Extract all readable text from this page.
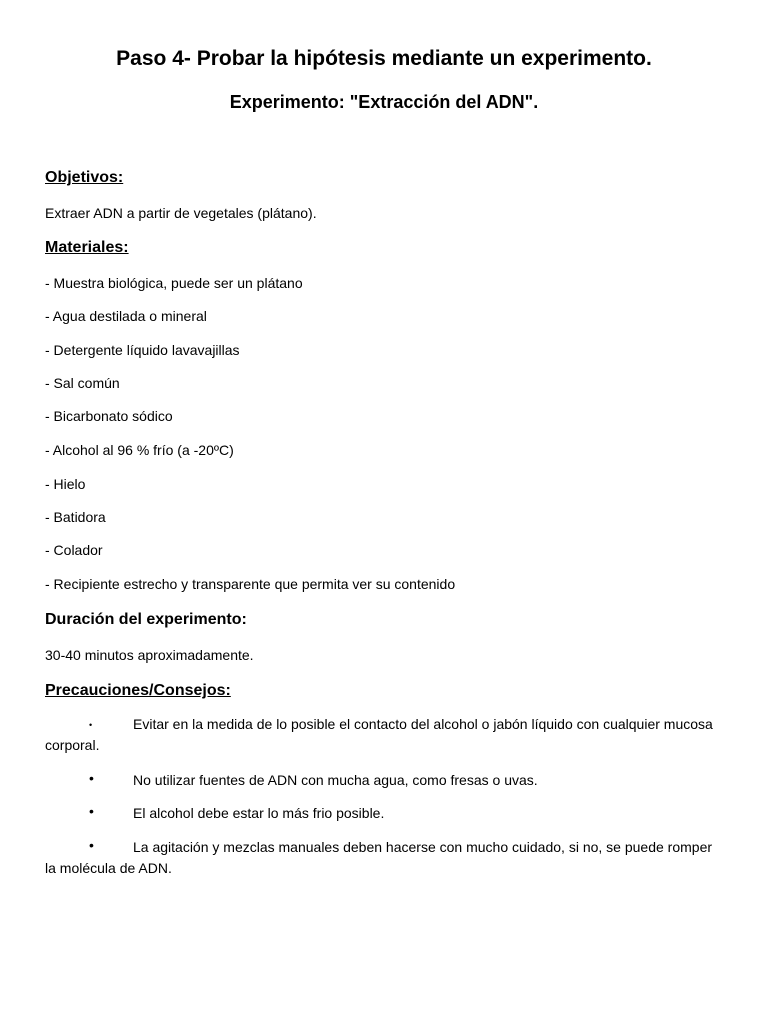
Paso 4- Probar la hipótesis mediante un experimento.
Experimento: "Extracción del ADN".
Objetivos:
Extraer ADN a partir de vegetales (plátano).
Materiales:
- Muestra biológica, puede ser un plátano
- Agua destilada o mineral
- Detergente líquido lavavajillas
- Sal común
- Bicarbonato sódico
- Alcohol al 96 % frío (a -20ºC)
- Hielo
- Batidora
- Colador
- Recipiente estrecho y transparente que permita ver su contenido
Duración del experimento:
30-40 minutos aproximadamente.
Precauciones/Consejos:
•	Evitar en la medida de lo posible el contacto del alcohol o jabón líquido con cualquier mucosa corporal.
•	No utilizar fuentes de ADN con mucha agua, como fresas o uvas.
•	El alcohol debe estar lo más frio posible.
•	La agitación y mezclas manuales deben hacerse con mucho cuidado, si no, se puede romper la molécula de ADN.
